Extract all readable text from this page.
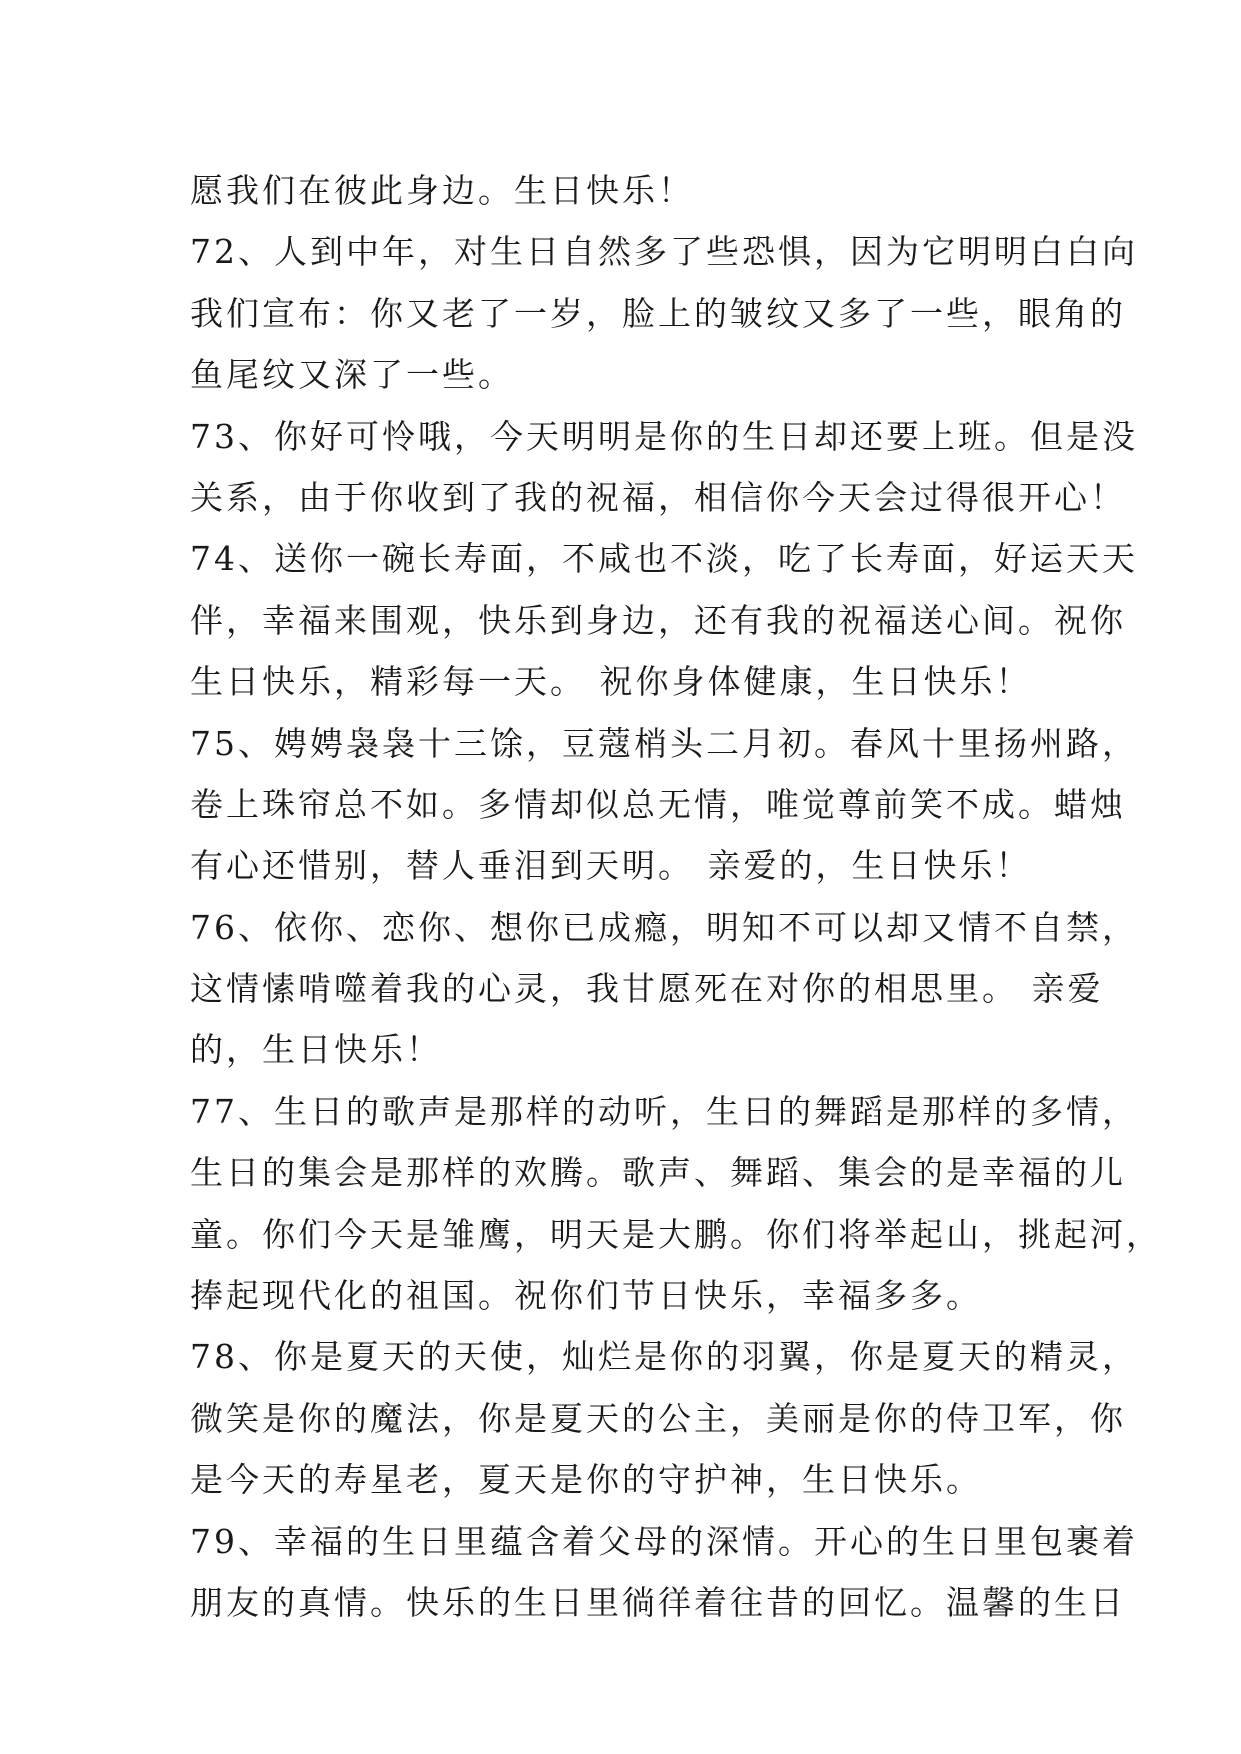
愿我们在彼此身边。生日快乐！
72、人到中年，对生日自然多了些恐惧，因为它明明白白向
我们宣布：你又老了一岁，脸上的皱纹又多了一些，眼角的
鱼尾纹又深了一些。
73、你好可怜哦，今天明明是你的生日却还要上班。但是没
关系，由于你收到了我的祝福，相信你今天会过得很开心！
74、送你一碗长寿面，不咸也不淡，吃了长寿面，好运天天
伴，幸福来围观，快乐到身边，还有我的祝福送心间。祝你
生日快乐，精彩每一天。 祝你身体健康，生日快乐！
75、娉娉袅袅十三馀，豆蔻梢头二月初。春风十里扬州路，
卷上珠帘总不如。多情却似总无情，唯觉尊前笑不成。蜡烛
有心还惜别，替人垂泪到天明。 亲爱的，生日快乐！
76、依你、恋你、想你已成瘾，明知不可以却又情不自禁，
这情愫啃噬着我的心灵，我甘愿死在对你的相思里。 亲爱
的，生日快乐！
77、生日的歌声是那样的动听，生日的舞蹈是那样的多情，
生日的集会是那样的欢腾。歌声、舞蹈、集会的是幸福的儿
童。你们今天是雏鹰，明天是大鹏。你们将举起山，挑起河，
捧起现代化的祖国。祝你们节日快乐，幸福多多。
78、你是夏天的天使，灿烂是你的羽翼，你是夏天的精灵，
微笑是你的魔法，你是夏天的公主，美丽是你的侍卫军，你
是今天的寿星老，夏天是你的守护神，生日快乐。
79、幸福的生日里蕴含着父母的深情。开心的生日里包裹着
朋友的真情。快乐的生日里徜徉着往昔的回忆。温馨的生日
